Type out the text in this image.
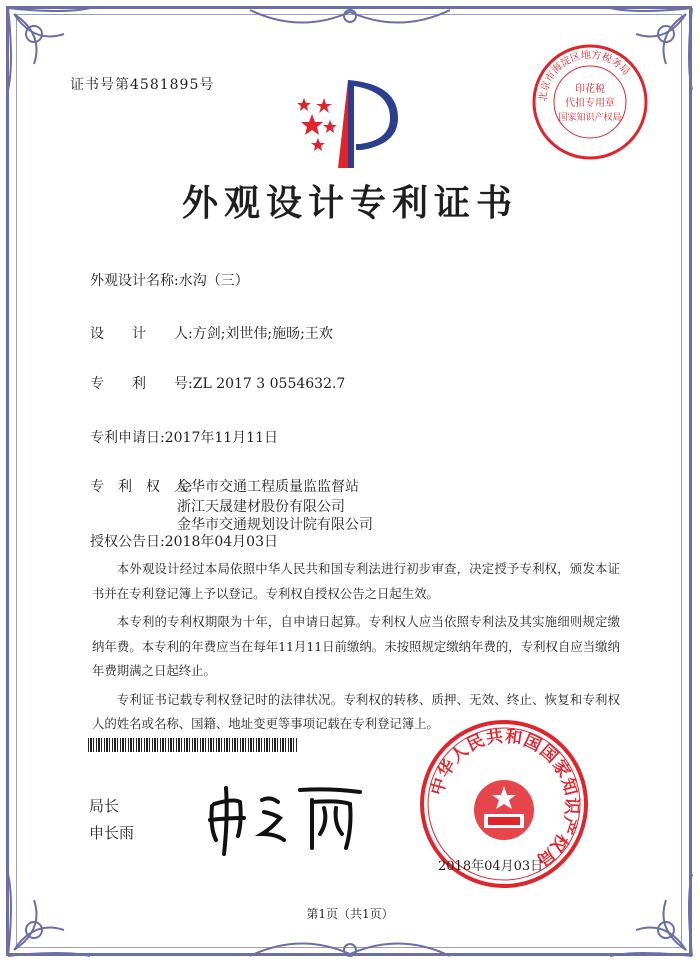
证书号第4581895号
北京市海淀区地方税务局
印花税
代扣专用章
国家知识产权局
外观设计专利证书
外观设计名称:水沟（三）
设　　计　　人:方剑;刘世伟;施旸;王欢
专　　利　　号:ZL 2017 3 0554632.7
专利申请日:2017年11月11日
专　利　权　人:
金华市交通工程质量监监督站
浙江天晟建材股份有限公司
金华市交通规划设计院有限公司
授权公告日:2018年04月03日

本外观设计经过本局依照中华人民共和国专利法进行初步审查，决定授予专利权，颁发本证书并在专利登记簿上予以登记。专利权自授权公告之日起生效。

本专利的专利权期限为十年，自申请日起算。专利权人应当依照专利法及其实施细则规定缴纳年费。本专利的年费应当在每年11月11日前缴纳。未按照规定缴纳年费的，专利权自应当缴纳年费期满之日起终止。

专利证书记载专利权登记时的法律状况。专利权的转移、质押、无效、终止、恢复和专利权人的姓名或名称、国籍、地址变更等事项记载在专利登记簿上。

局长
申长雨
中华人民共和国国家知识产权局
2018年04月03日
第1页（共1页）
